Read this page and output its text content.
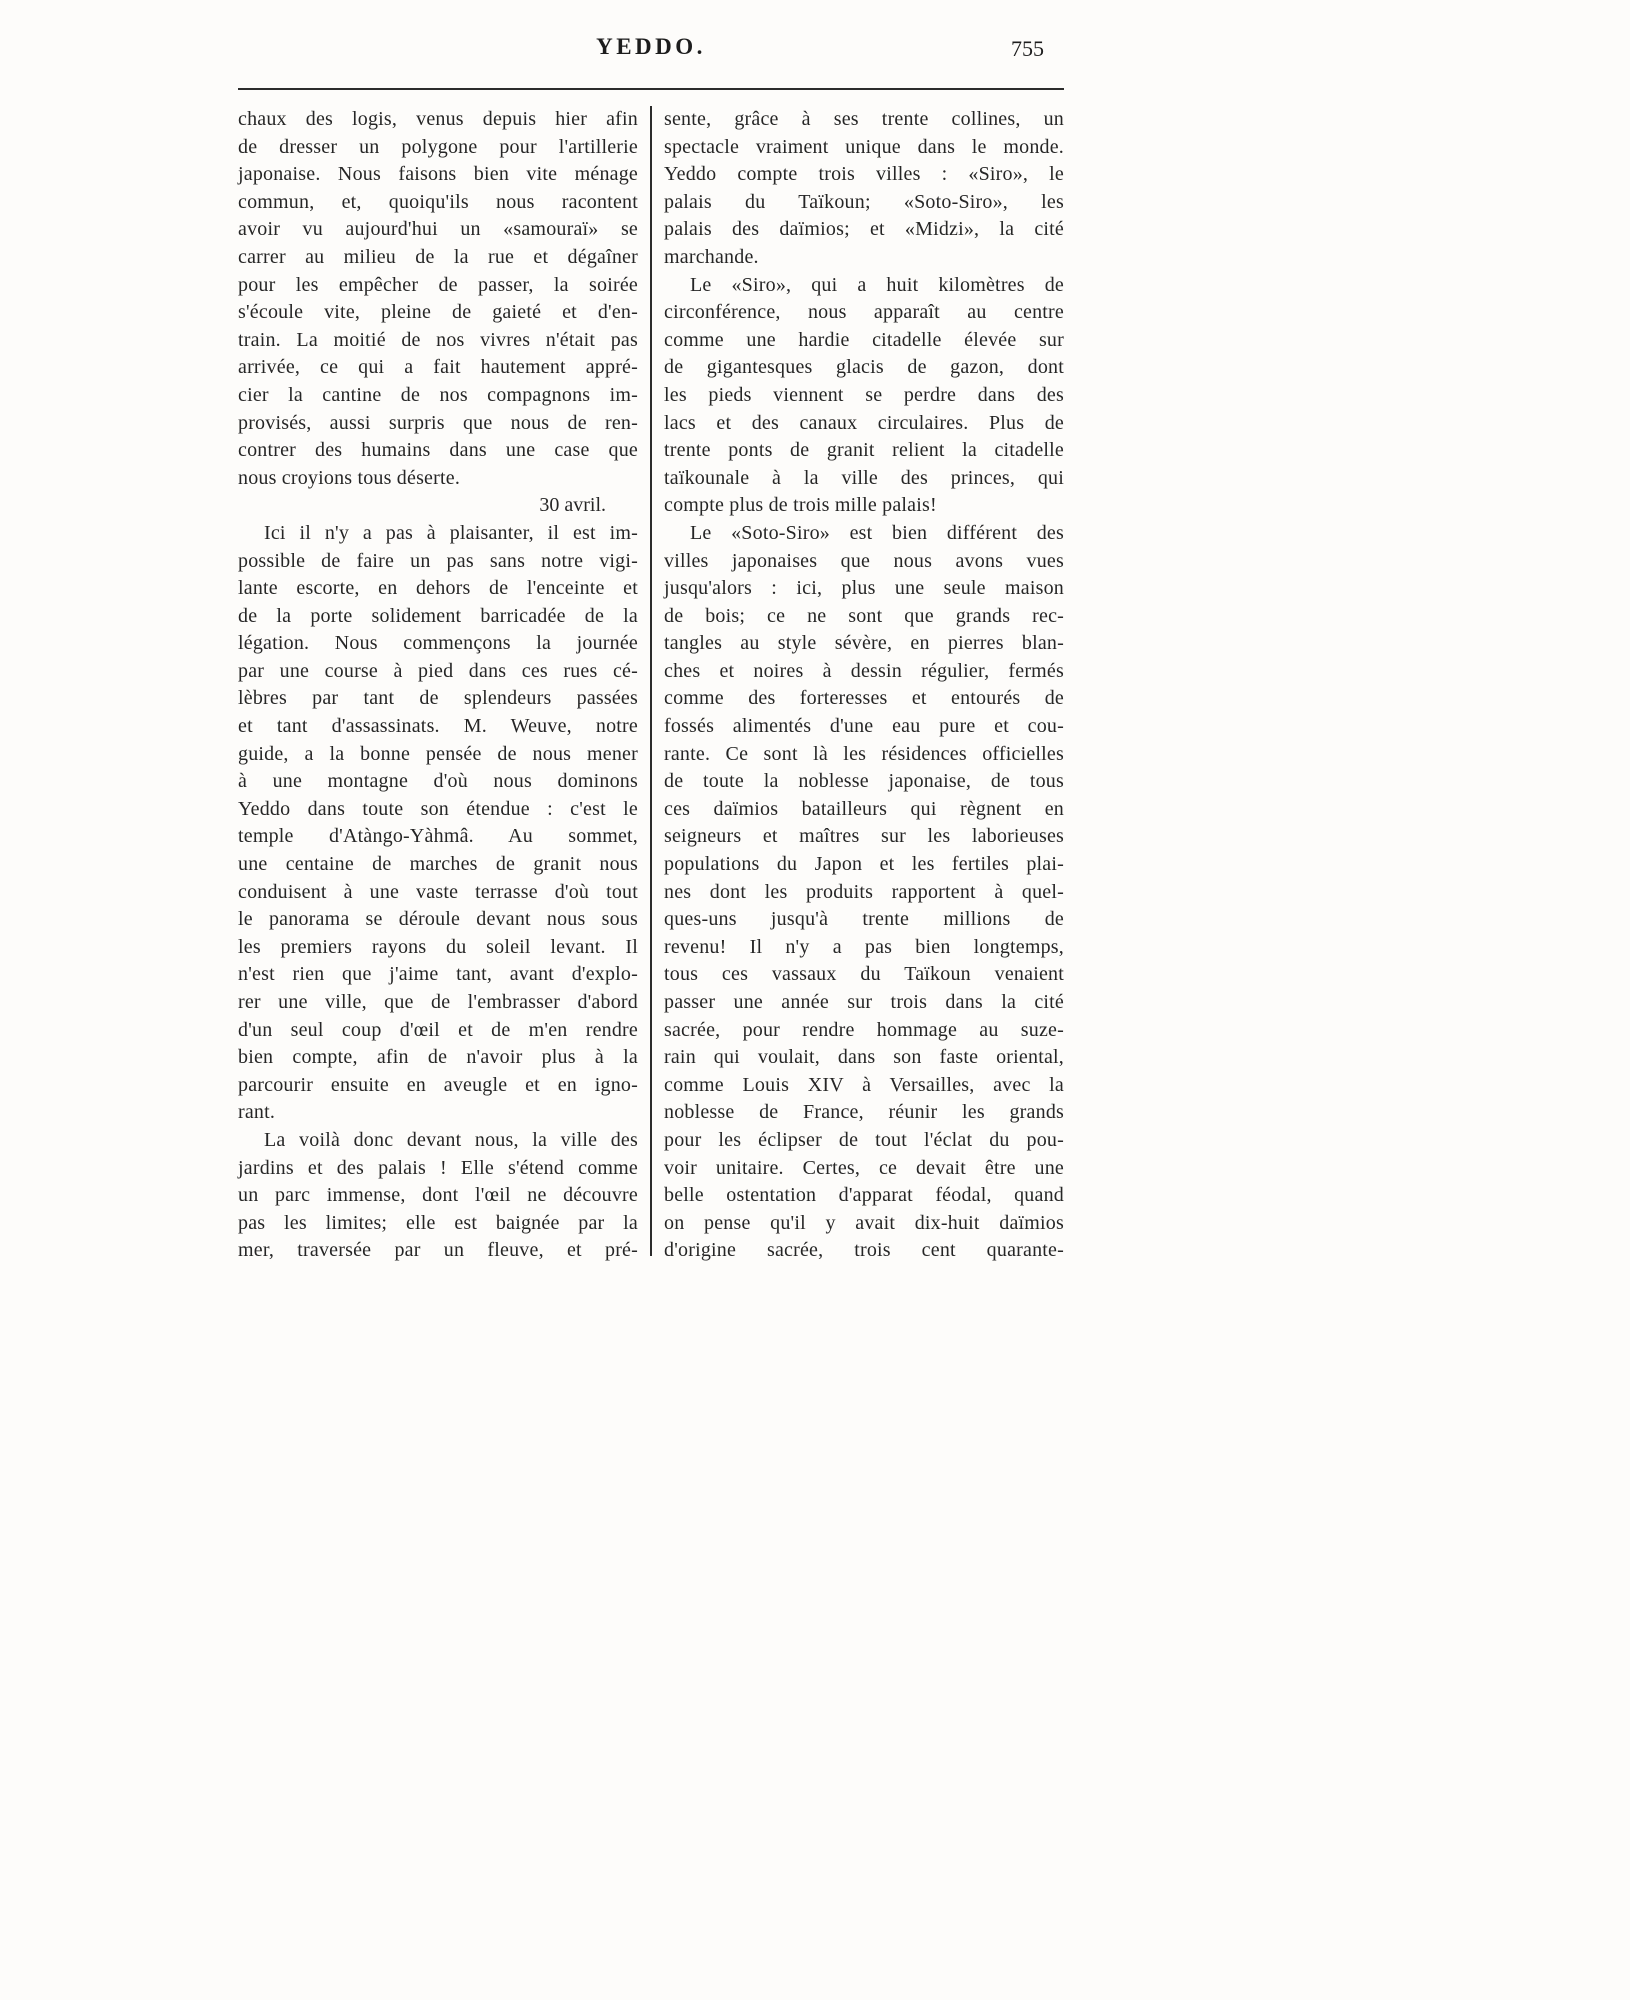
YEDDO.	755
chaux des logis, venus depuis hier afin
de dresser un polygone pour l'artillerie
japonaise. Nous faisons bien vite ménage
commun, et, quoiqu'ils nous racontent
avoir vu aujourd'hui un «samouraï» se
carrer au milieu de la rue et dégaîner
pour les empêcher de passer, la soirée
s'écoule vite, pleine de gaieté et d'en-
train. La moitié de nos vivres n'était pas
arrivée, ce qui a fait hautement appré-
cier la cantine de nos compagnons im-
provisés, aussi surpris que nous de ren-
contrer des humains dans une case que
nous croyions tous déserte.
30 avril.
Ici il n'y a pas à plaisanter, il est im-
possible de faire un pas sans notre vigi-
lante escorte, en dehors de l'enceinte et
de la porte solidement barricadée de la
légation. Nous commençons la journée
par une course à pied dans ces rues cé-
lèbres par tant de splendeurs passées
et tant d'assassinats. M. Weuve, notre
guide, a la bonne pensée de nous mener
à une montagne d'où nous dominons
Yeddo dans toute son étendue : c'est le
temple d'Atàngo-Yàhmâ. Au sommet,
une centaine de marches de granit nous
conduisent à une vaste terrasse d'où tout
le panorama se déroule devant nous sous
les premiers rayons du soleil levant. Il
n'est rien que j'aime tant, avant d'explo-
rer une ville, que de l'embrasser d'abord
d'un seul coup d'œil et de m'en rendre
bien compte, afin de n'avoir plus à la
parcourir ensuite en aveugle et en igno-
rant.
La voilà donc devant nous, la ville des
jardins et des palais ! Elle s'étend comme
un parc immense, dont l'œil ne découvre
pas les limites; elle est baignée par la
mer, traversée par un fleuve, et pré-
sente, grâce à ses trente collines, un
spectacle vraiment unique dans le monde.
Yeddo compte trois villes : «Siro», le
palais du Taïkoun; «Soto-Siro», les
palais des daïmios; et «Midzi», la cité
marchande.
Le «Siro», qui a huit kilomètres de
circonférence, nous apparaît au centre
comme une hardie citadelle élevée sur
de gigantesques glacis de gazon, dont
les pieds viennent se perdre dans des
lacs et des canaux circulaires. Plus de
trente ponts de granit relient la citadelle
taïkounale à la ville des princes, qui
compte plus de trois mille palais!
Le «Soto-Siro» est bien différent des
villes japonaises que nous avons vues
jusqu'alors : ici, plus une seule maison
de bois; ce ne sont que grands rec-
tangles au style sévère, en pierres blan-
ches et noires à dessin régulier, fermés
comme des forteresses et entourés de
fossés alimentés d'une eau pure et cou-
rante. Ce sont là les résidences officielles
de toute la noblesse japonaise, de tous
ces daïmios batailleurs qui règnent en
seigneurs et maîtres sur les laborieuses
populations du Japon et les fertiles plai-
nes dont les produits rapportent à quel-
ques-uns jusqu'à trente millions de
revenu! Il n'y a pas bien longtemps,
tous ces vassaux du Taïkoun venaient
passer une année sur trois dans la cité
sacrée, pour rendre hommage au suze-
rain qui voulait, dans son faste oriental,
comme Louis XIV à Versailles, avec la
noblesse de France, réunir les grands
pour les éclipser de tout l'éclat du pou-
voir unitaire. Certes, ce devait être une
belle ostentation d'apparat féodal, quand
on pense qu'il y avait dix-huit daïmios
d'origine sacrée, trois cent quarante-
